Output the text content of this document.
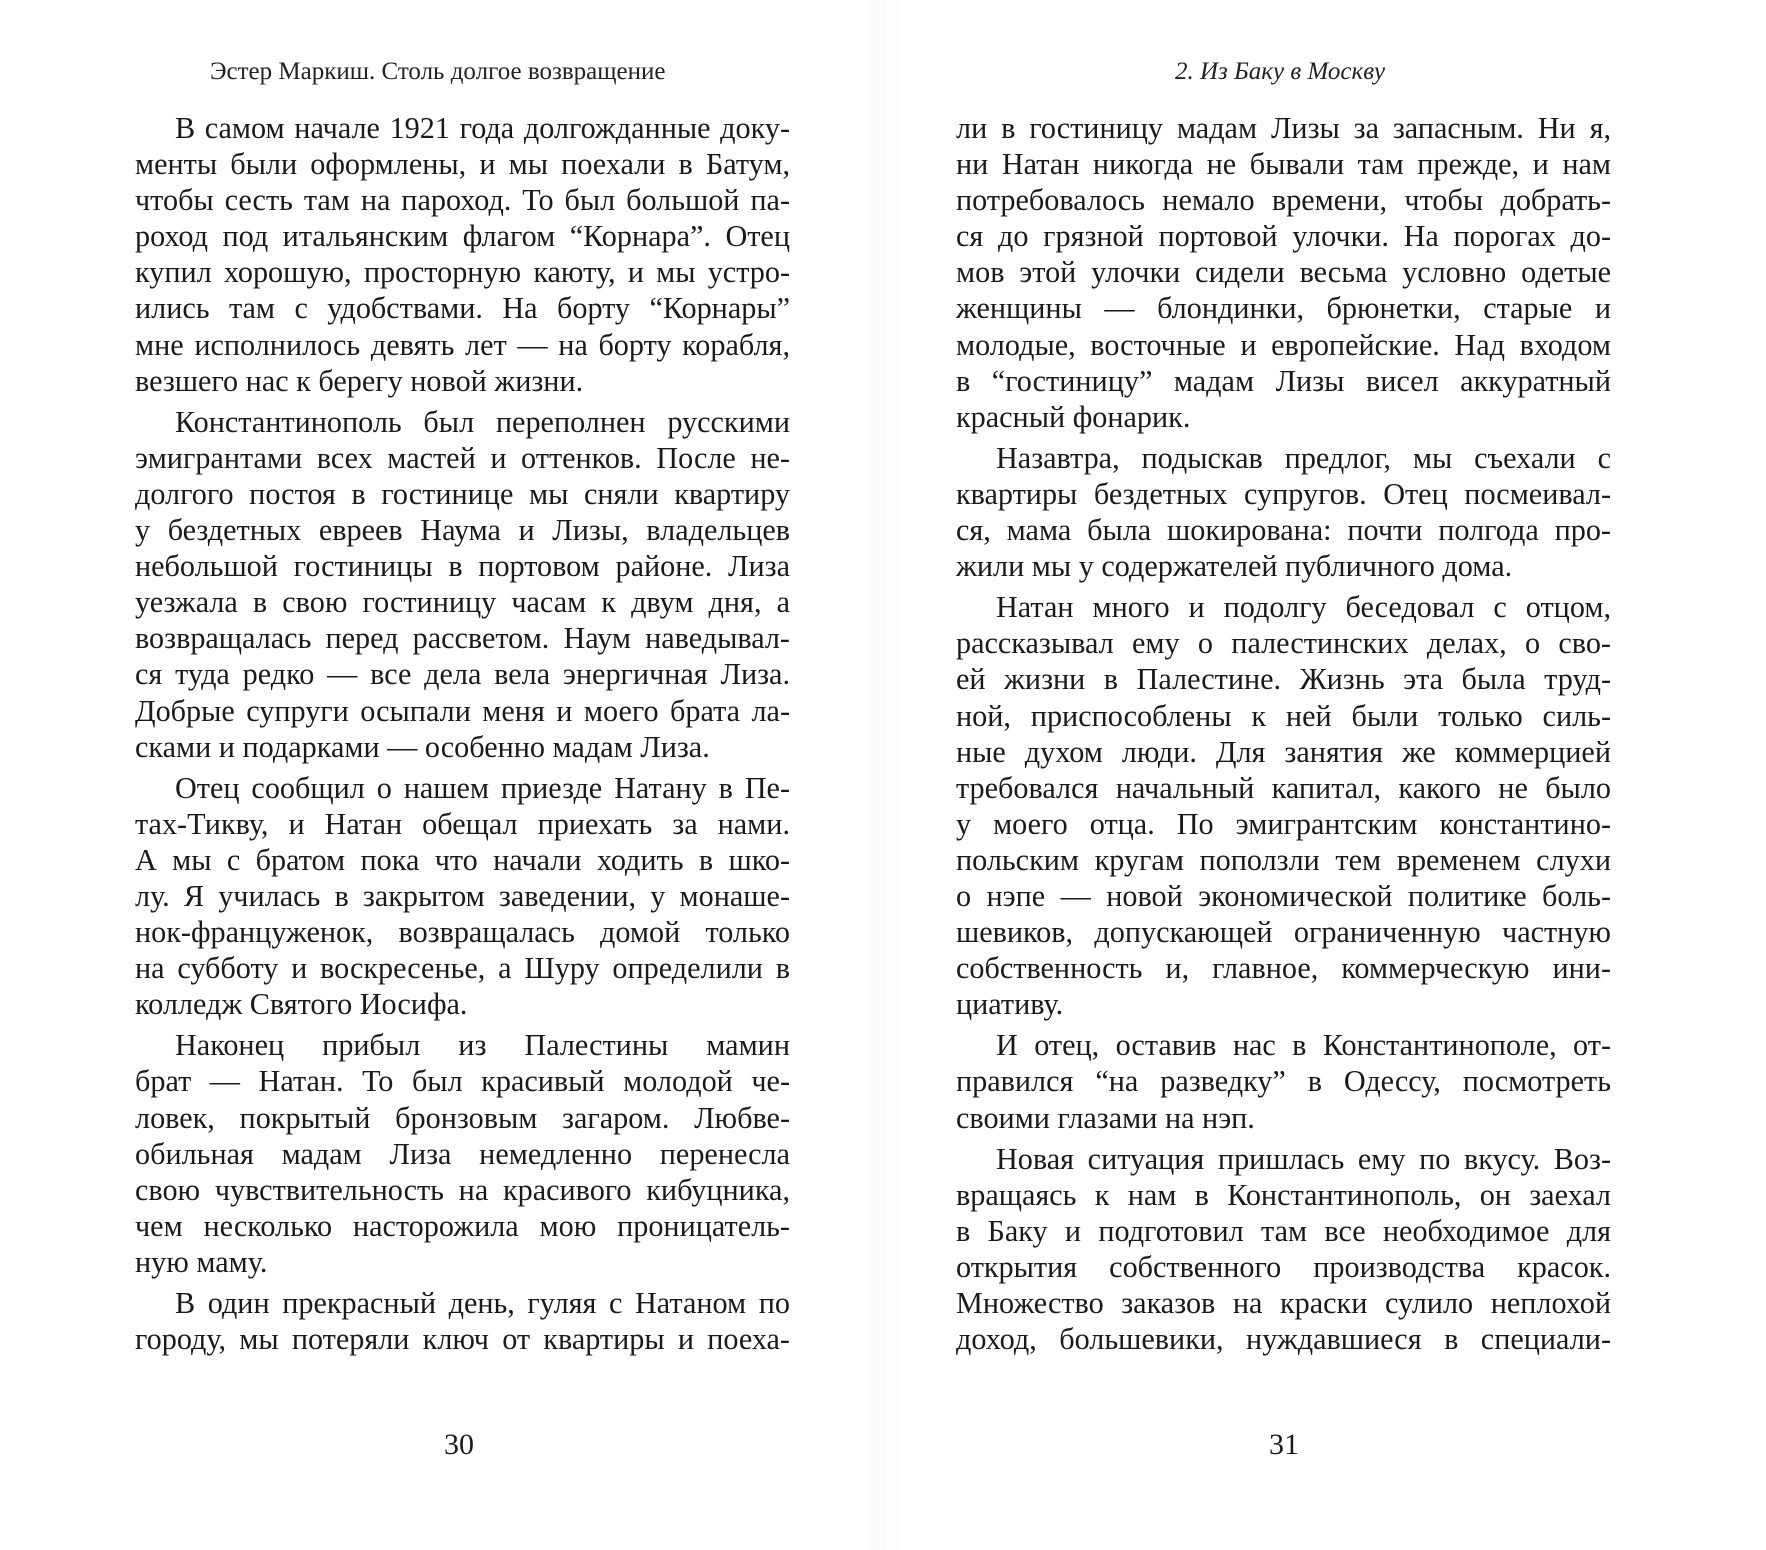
Эстер Маркиш. Столь долгое возвращение
В самом начале 1921 года долгожданные доку-
менты были оформлены, и мы поехали в Батум,
чтобы сесть там на пароход. То был большой па-
роход под итальянским флагом “Корнара”. Отец
купил хорошую, просторную каюту, и мы устро-
ились там с удобствами. На борту “Корнары”
мне исполнилось девять лет — на борту корабля,
везшего нас к берегу новой жизни.
Константинополь был переполнен русскими
эмигрантами всех мастей и оттенков. После не-
долгого постоя в гостинице мы сняли квартиру
у бездетных евреев Наума и Лизы, владельцев
небольшой гостиницы в портовом районе. Лиза
уезжала в свою гостиницу часам к двум дня, а
возвращалась перед рассветом. Наум наведывал-
ся туда редко — все дела вела энергичная Лиза.
Добрые супруги осыпали меня и моего брата ла-
сками и подарками — особенно мадам Лиза.
Отец сообщил о нашем приезде Натану в Пе-
тах-Тикву, и Натан обещал приехать за нами.
А мы с братом пока что начали ходить в шко-
лу. Я училась в закрытом заведении, у монаше-
нок-француженок, возвращалась домой только
на субботу и воскресенье, а Шуру определили в
колледж Святого Иосифа.
Наконец прибыл из Палестины мамин
брат — Натан. То был красивый молодой че-
ловек, покрытый бронзовым загаром. Любве-
обильная мадам Лиза немедленно перенесла
свою чувствительность на красивого кибуцника,
чем несколько насторожила мою проницатель-
ную маму.
В один прекрасный день, гуляя с Натаном по
городу, мы потеряли ключ от квартиры и поеха-
30
2. Из Баку в Москву
ли в гостиницу мадам Лизы за запасным. Ни я,
ни Натан никогда не бывали там прежде, и нам
потребовалось немало времени, чтобы добрать-
ся до грязной портовой улочки. На порогах до-
мов этой улочки сидели весьма условно одетые
женщины — блондинки, брюнетки, старые и
молодые, восточные и европейские. Над входом
в “гостиницу” мадам Лизы висел аккуратный
красный фонарик.
Назавтра, подыскав предлог, мы съехали с
квартиры бездетных супругов. Отец посмеивал-
ся, мама была шокирована: почти полгода про-
жили мы у содержателей публичного дома.
Натан много и подолгу беседовал с отцом,
рассказывал ему о палестинских делах, о сво-
ей жизни в Палестине. Жизнь эта была труд-
ной, приспособлены к ней были только силь-
ные духом люди. Для занятия же коммерцией
требовался начальный капитал, какого не было
у моего отца. По эмигрантским константино-
польским кругам поползли тем временем слухи
о нэпе — новой экономической политике боль-
шевиков, допускающей ограниченную частную
собственность и, главное, коммерческую ини-
циативу.
И отец, оставив нас в Константинополе, от-
правился “на разведку” в Одессу, посмотреть
своими глазами на нэп.
Новая ситуация пришлась ему по вкусу. Воз-
вращаясь к нам в Константинополь, он заехал
в Баку и подготовил там все необходимое для
открытия собственного производства красок.
Множество заказов на краски сулило неплохой
доход, большевики, нуждавшиеся в специали-
31
